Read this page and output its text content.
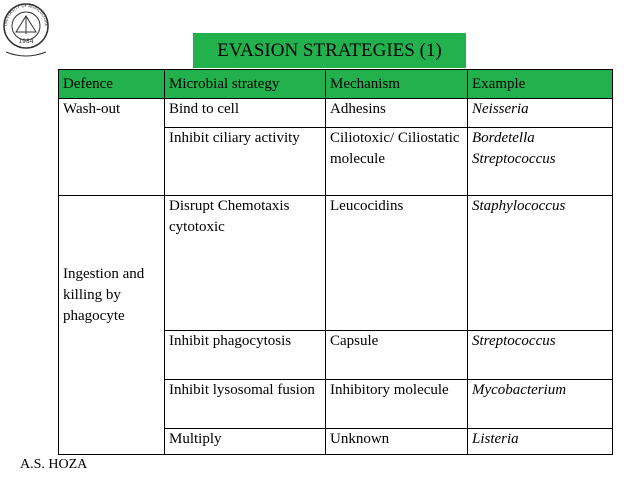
1984
UNIVERSITY OF AGRICULTURE
EVASION STRATEGIES (1)
Defence	Microbial strategy	Mechanism	Example
Wash-out	Bind to cell	Adhesins	Neisseria
	Inhibit ciliary activity	Ciliotoxic/ Ciliostatic molecule	Bordetella Streptococcus
Ingestion and killing by phagocyte	Disrupt Chemotaxis cytotoxic	Leucocidins	Staphylococcus
	Inhibit phagocytosis	Capsule	Streptococcus
	Inhibit lysosomal fusion	Inhibitory molecule	Mycobacterium
	Multiply	Unknown	Listeria
A.S. HOZA
